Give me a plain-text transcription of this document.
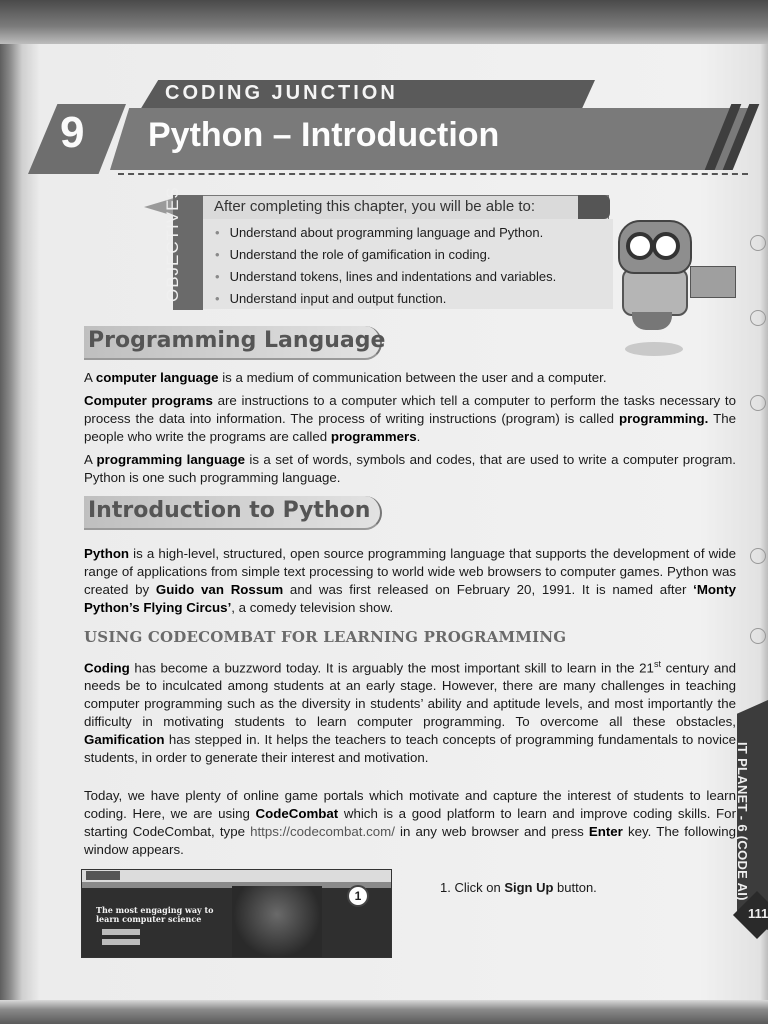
CODING JUNCTION
9 Python – Introduction
After completing this chapter, you will be able to:
OBJECTIVES
•	Understand about programming language and Python.
• Understand the role of gamification in coding.
• Understand tokens, lines and indentations and variables.
• Understand input and output function.
Programming Language

A computer language is a medium of communication between the user and a computer.

Computer programs are instructions to a computer which tell a computer to perform the tasks necessary to process the data into information. The process of writing instructions (program) is called programming. The people who write the programs are called programmers.

A programming language is a set of words, symbols and codes, that are used to write a computer program. Python is one such programming language.

Introduction to Python

Python is a high-level, structured, open source programming language that supports the development of wide range of applications from simple text processing to world wide web browsers to computer games. Python was created by Guido van Rossum and was first released on February 20, 1991. It is named after ‘Monty Python’s Flying Circus’, a comedy television show.

USING CODECOMBAT FOR LEARNING PROGRAMMING

Coding has become a buzzword today. It is arguably the most important skill to learn in the 21st century and needs be to inculcated among students at an early stage. However, there are many challenges in teaching computer programming such as the diversity in students’ ability and aptitude levels, and most importantly the difficulty in motivating students to learn computer programming. To overcome all these obstacles, Gamification has stepped in. It helps the teachers to teach concepts of programming fundamentals to novice students, in order to generate their interest and motivation.

Today, we have plenty of online game portals which motivate and capture the interest of students to learn coding. Here, we are using CodeCombat which is a good platform to learn and improve coding skills. For starting CodeCombat, type https://codecombat.com/ in any web browser and press Enter key. The following window appears.

The most engaging way to
learn computer science
1
1. Click on Sign Up button.	IT PLANET - 6 (CODE AI)
111
